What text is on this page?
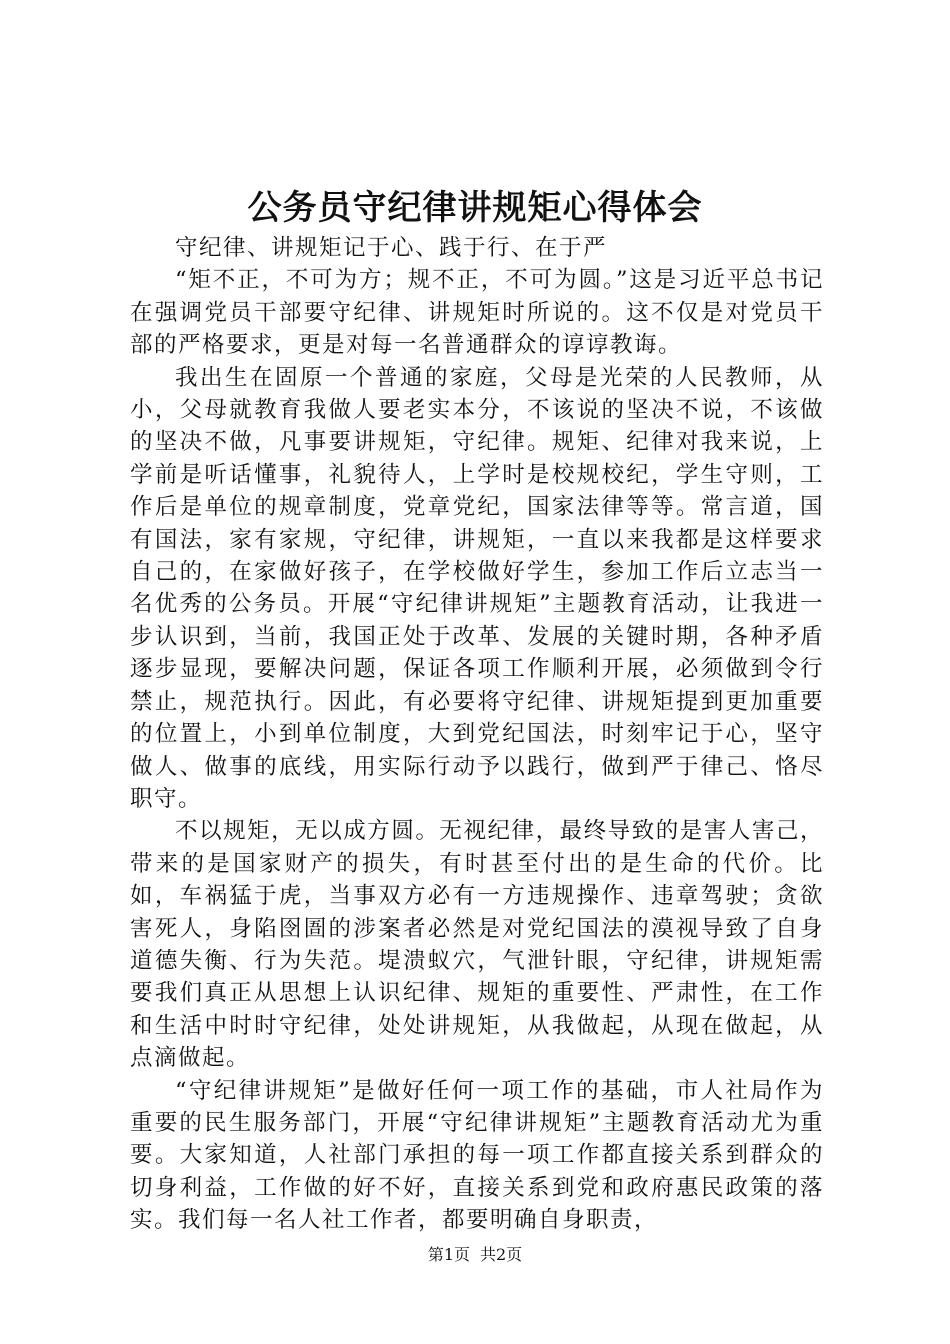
公务员守纪律讲规矩心得体会

守纪律、讲规矩记于心、践于行、在于严

“矩不正，不可为方；规不正，不可为圆。”这是习近平总书记在强调党员干部要守纪律、讲规矩时所说的。这不仅是对党员干部的严格要求，更是对每一名普通群众的谆谆教诲。

我出生在固原一个普通的家庭，父母是光荣的人民教师，从小，父母就教育我做人要老实本分，不该说的坚决不说，不该做的坚决不做，凡事要讲规矩，守纪律。规矩、纪律对我来说，上学前是听话懂事，礼貌待人，上学时是校规校纪，学生守则，工作后是单位的规章制度，党章党纪，国家法律等等。常言道，国有国法，家有家规，守纪律，讲规矩，一直以来我都是这样要求自己的，在家做好孩子，在学校做好学生，参加工作后立志当一名优秀的公务员。开展“守纪律讲规矩”主题教育活动，让我进一步认识到，当前，我国正处于改革、发展的关键时期，各种矛盾逐步显现，要解决问题，保证各项工作顺利开展，必须做到令行禁止，规范执行。因此，有必要将守纪律、讲规矩提到更加重要的位置上，小到单位制度，大到党纪国法，时刻牢记于心，坚守做人、做事的底线，用实际行动予以践行，做到严于律己、恪尽职守。

不以规矩，无以成方圆。无视纪律，最终导致的是害人害己，带来的是国家财产的损失，有时甚至付出的是生命的代价。比如，车祸猛于虎，当事双方必有一方违规操作、违章驾驶；贪欲害死人，身陷囹圄的涉案者必然是对党纪国法的漠视导致了自身道德失衡、行为失范。堤溃蚁穴，气泄针眼，守纪律，讲规矩需要我们真正从思想上认识纪律、规矩的重要性、严肃性，在工作和生活中时时守纪律，处处讲规矩，从我做起，从现在做起，从点滴做起。

“守纪律讲规矩”是做好任何一项工作的基础，市人社局作为重要的民生服务部门，开展“守纪律讲规矩”主题教育活动尤为重要。大家知道，人社部门承担的每一项工作都直接关系到群众的切身利益，工作做的好不好，直接关系到党和政府惠民政策的落实。我们每一名人社工作者，都要明确自身职责，

第1页 共2页
